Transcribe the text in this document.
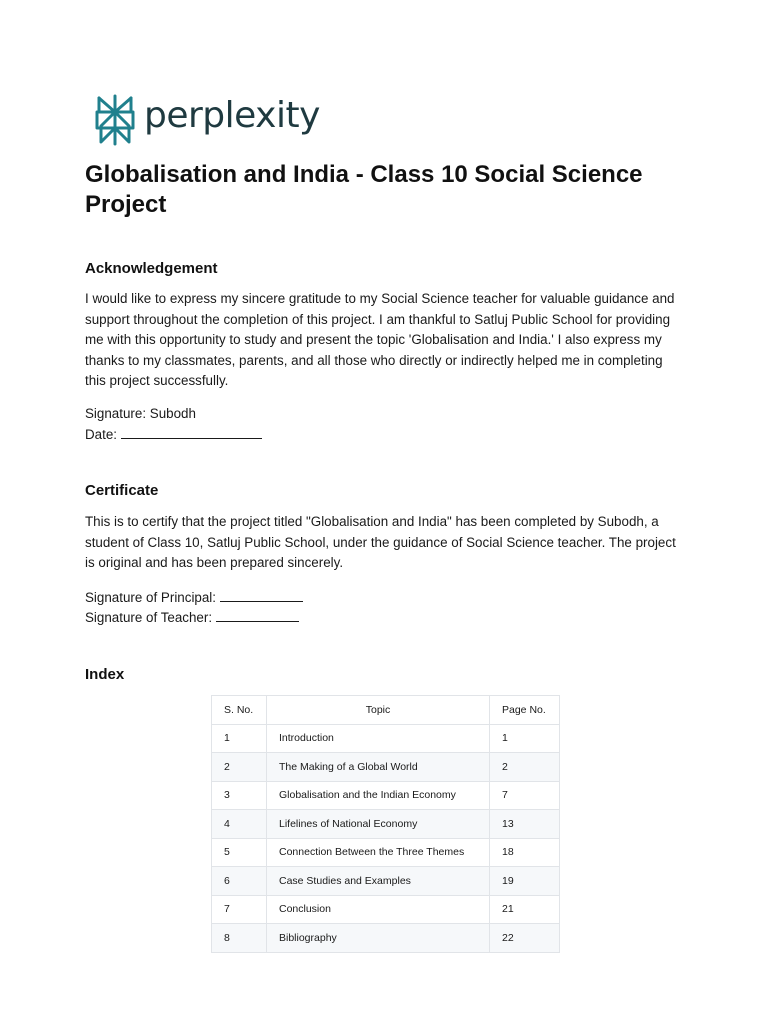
perplexity
Globalisation and India - Class 10 Social Science Project
Acknowledgement

I would like to express my sincere gratitude to my Social Science teacher for valuable guidance and support throughout the completion of this project. I am thankful to Satluj Public School for providing me with this opportunity to study and present the topic 'Globalisation and India.' I also express my thanks to my classmates, parents, and all those who directly or indirectly helped me in completing this project successfully.

Signature: Subodh

Date:

Certificate

This is to certify that the project titled "Globalisation and India" has been completed by Subodh, a student of Class 10, Satluj Public School, under the guidance of Social Science teacher. The project is original and has been prepared sincerely.

Signature of Principal:

Signature of Teacher:

Index
S. No.	Topic	Page No.
1	Introduction	1
2	The Making of a Global World	2
3	Globalisation and the Indian Economy	7
4	Lifelines of National Economy	13
5	Connection Between the Three Themes	18
6	Case Studies and Examples	19
7	Conclusion	21
8	Bibliography	22
